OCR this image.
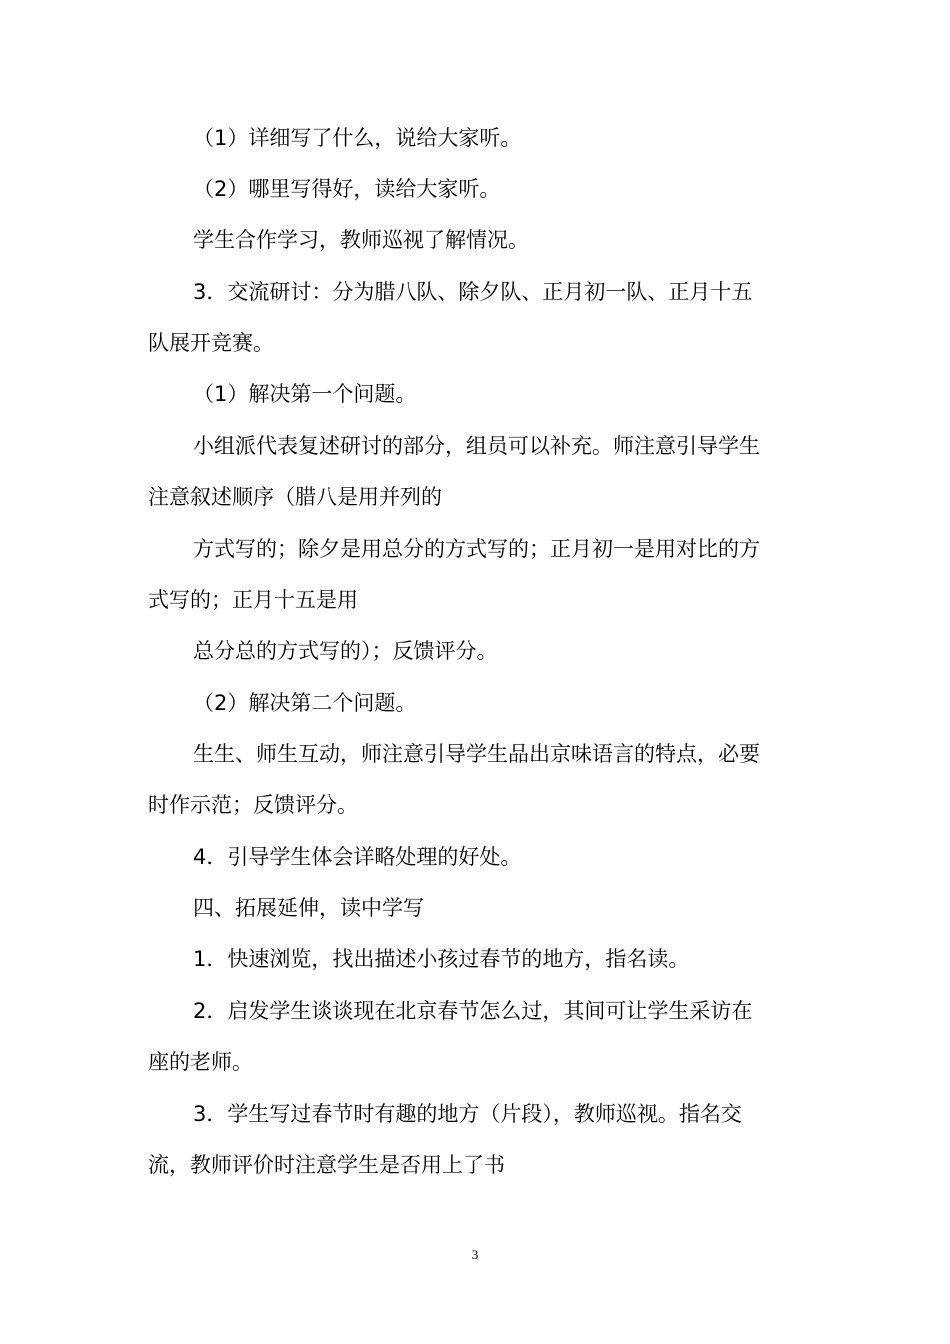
（1）详细写了什么，说给大家听。
（2）哪里写得好，读给大家听。
学生合作学习，教师巡视了解情况。
3．交流研讨：分为腊八队、除夕队、正月初一队、正月十五
队展开竞赛。
（1）解决第一个问题。
小组派代表复述研讨的部分，组员可以补充。师注意引导学生
注意叙述顺序（腊八是用并列的
方式写的；除夕是用总分的方式写的；正月初一是用对比的方
式写的；正月十五是用
总分总的方式写的）；反馈评分。
（2）解决第二个问题。
生生、师生互动，师注意引导学生品出京味语言的特点，必要
时作示范；反馈评分。
4．引导学生体会详略处理的好处。
四、拓展延伸，读中学写
1．快速浏览，找出描述小孩过春节的地方，指名读。
2．启发学生谈谈现在北京春节怎么过，其间可让学生采访在
座的老师。
3．学生写过春节时有趣的地方（片段），教师巡视。指名交
流，教师评价时注意学生是否用上了书
3
